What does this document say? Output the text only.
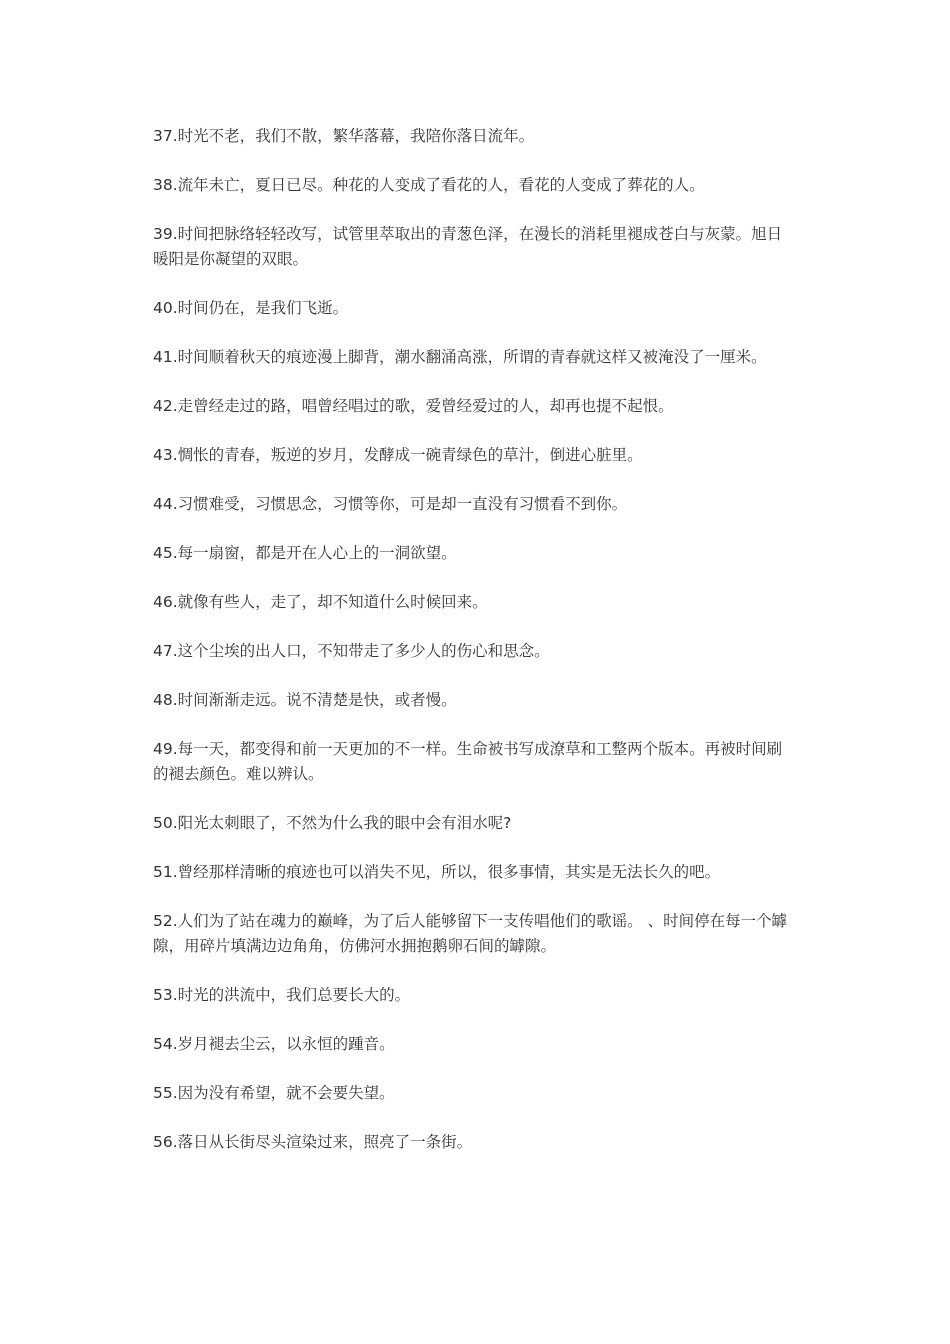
37.时光不老，我们不散，繁华落幕，我陪你落日流年。

38.流年未亡，夏日已尽。种花的人变成了看花的人，看花的人变成了葬花的人。

39.时间把脉络轻轻改写，试管里萃取出的青葱色泽，在漫长的消耗里褪成苍白与灰蒙。旭日暖阳是你凝望的双眼。

40.时间仍在，是我们飞逝。

41.时间顺着秋天的痕迹漫上脚背，潮水翻涌高涨，所谓的青春就这样又被淹没了一厘米。

42.走曾经走过的路，唱曾经唱过的歌，爱曾经爱过的人，却再也提不起恨。

43.惆怅的青春，叛逆的岁月，发酵成一碗青绿色的草汁，倒进心脏里。

44.习惯难受，习惯思念，习惯等你，可是却一直没有习惯看不到你。

45.每一扇窗，都是开在人心上的一洞欲望。

46.就像有些人，走了，却不知道什么时候回来。

47.这个尘埃的出人口，不知带走了多少人的伤心和思念。

48.时间渐渐走远。说不清楚是快，或者慢。

49.每一天，都变得和前一天更加的不一样。生命被书写成潦草和工整两个版本。再被时间刷的褪去颜色。难以辨认。

50.阳光太刺眼了，不然为什么我的眼中会有泪水呢?

51.曾经那样清晰的痕迹也可以消失不见，所以，很多事情，其实是无法长久的吧。

52.人们为了站在魂力的巅峰，为了后人能够留下一支传唱他们的歌谣。 、时间停在每一个罅隙，用碎片填满边边角角，仿佛河水拥抱鹅卵石间的罅隙。

53.时光的洪流中，我们总要长大的。

54.岁月褪去尘云，以永恒的踵音。

55.因为没有希望，就不会要失望。

56.落日从长街尽头渲染过来，照亮了一条街。
